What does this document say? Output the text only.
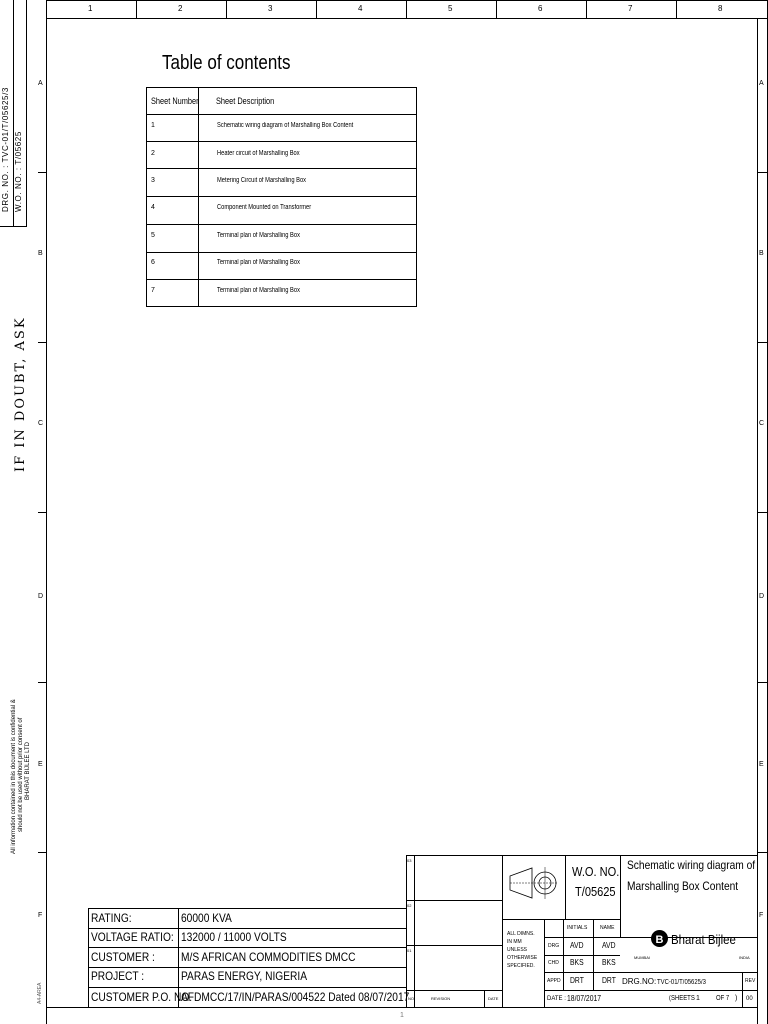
1	2	3	4	5	6	7	8
A
B
C
D
E
F
A
B
C
D
E
F
DRG. NO. : TVC-01/T/05625/3 W.O. NO. : T/05625
IF IN DOUBT, ASK
All information contained in this document is confidential & should not be used without prior consent of BHARAT BIJLEE LTD
A4-AREA
1
Table of contents
Sheet Number Sheet Description
1	Schematic wiring diagram of Marshalling Box Content
2	Heater circuit of Marshalling Box
3	Metering Circuit of Marshalling Box
4	Component Mounted on Transformer
5	Terminal plan of Marshalling Box
6	Terminal plan of Marshalling Box
7	Terminal plan of Marshalling Box
RATING:	60000 KVA
VOLTAGE RATIO: 132000 / 11000 VOLTS
CUSTOMER : M/S AFRICAN COMMODITIES DMCC
PROJECT :	PARAS ENERGY, NIGERIA
CUSTOMER P.O. NO.
AFDMCC/17/IN/PARAS/004522 Dated 08/07/2017
03
02
01
NO.	REVISION	DATE
W.O. NO.
T/05625
Schematic wiring diagram of
Marshalling Box Content
ALL DIMNS.
IN MM
UNLESS
OTHERWISE
SPECIFIED.
INITIALS	NAME
DRG AVD AVD
CHD BKS BKS
APPD DRT DRT
DATE : 18/07/2017
B Bharat Bijlee
MUMBAI	INDIA
DRG.NO: TVC-01/T/05625/3
(SHEETS 1 OF 7 )
REV
00
